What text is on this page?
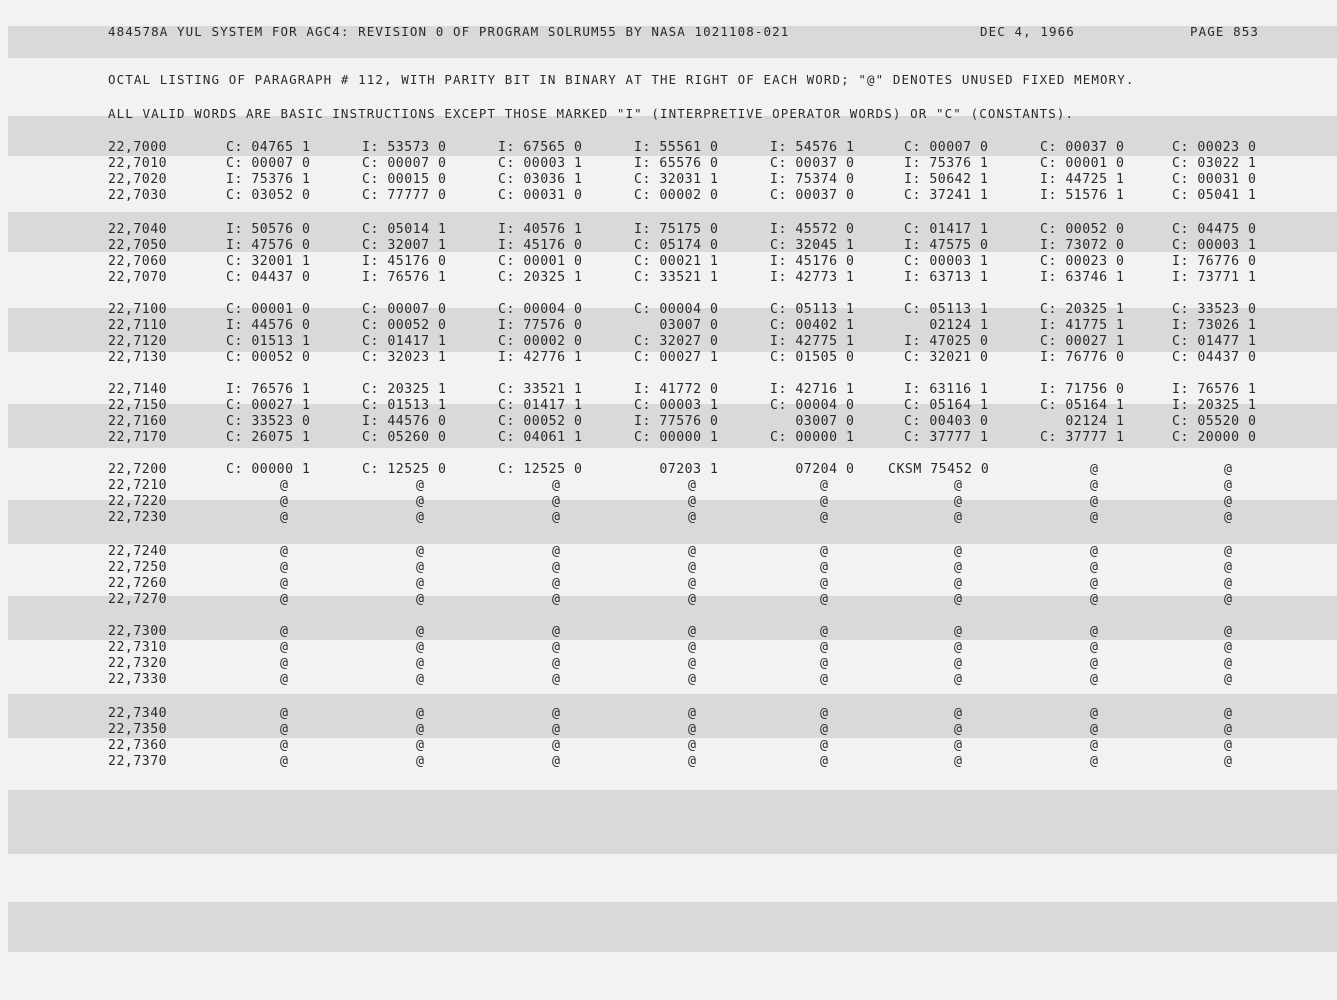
484578A YUL SYSTEM FOR AGC4: REVISION 0 OF PROGRAM SOLRUM55 BY NASA 1021108-021	DEC 4, 1966	PAGE 853
OCTAL LISTING OF PARAGRAPH # 112, WITH PARITY BIT IN BINARY AT THE RIGHT OF EACH WORD; "@" DENOTES UNUSED FIXED MEMORY.
ALL VALID WORDS ARE BASIC INSTRUCTIONS EXCEPT THOSE MARKED "I" (INTERPRETIVE OPERATOR WORDS) OR "C" (CONSTANTS).
22,7000	C: 04765 1	I: 53573 0	I: 67565 0	I: 55561 0	I: 54576 1	C: 00007 0	C: 00037 0	C: 00023 0
22,7010	C: 00007 0	C: 00007 0	C: 00003 1	I: 65576 0	C: 00037 0	I: 75376 1	C: 00001 0	C: 03022 1
22,7020	I: 75376 1	C: 00015 0	C: 03036 1	C: 32031 1	I: 75374 0	I: 50642 1	I: 44725 1	C: 00031 0
22,7030	C: 03052 0	C: 77777 0	C: 00031 0	C: 00002 0	C: 00037 0	C: 37241 1	I: 51576 1	C: 05041 1
22,7040	I: 50576 0	C: 05014 1	I: 40576 1	I: 75175 0	I: 45572 0	C: 01417 1	C: 00052 0	C: 04475 0
22,7050	I: 47576 0	C: 32007 1	I: 45176 0	C: 05174 0	C: 32045 1	I: 47575 0	I: 73072 0	C: 00003 1
22,7060	C: 32001 1	I: 45176 0	C: 00001 0	C: 00021 1	I: 45176 0	C: 00003 1	C: 00023 0	I: 76776 0
22,7070	C: 04437 0	I: 76576 1	C: 20325 1	C: 33521 1	I: 42773 1	I: 63713 1	I: 63746 1	I: 73771 1
22,7100	C: 00001 0	C: 00007 0	C: 00004 0	C: 00004 0	C: 05113 1	C: 05113 1	C: 20325 1	C: 33523 0
22,7110	I: 44576 0	C: 00052 0	I: 77576 0	03007 0	C: 00402 1	02124 1	I: 41775 1	I: 73026 1
22,7120	C: 01513 1	C: 01417 1	C: 00002 0	C: 32027 0	I: 42775 1	I: 47025 0	C: 00027 1	C: 01477 1
22,7130	C: 00052 0	C: 32023 1	I: 42776 1	C: 00027 1	C: 01505 0	C: 32021 0	I: 76776 0	C: 04437 0
22,7140	I: 76576 1	C: 20325 1	C: 33521 1	I: 41772 0	I: 42716 1	I: 63116 1	I: 71756 0	I: 76576 1
22,7150	C: 00027 1	C: 01513 1	C: 01417 1	C: 00003 1	C: 00004 0	C: 05164 1	C: 05164 1	I: 20325 1
22,7160	C: 33523 0	I: 44576 0	C: 00052 0	I: 77576 0	03007 0	C: 00403 0	02124 1	C: 05520 0
22,7170	C: 26075 1	C: 05260 0	C: 04061 1	C: 00000 1	C: 00000 1	C: 37777 1	C: 37777 1	C: 20000 0
22,7200	C: 00000 1	C: 12525 0	C: 12525 0	07203 1	07204 0	CKSM 75452 0	@	@
22,7210	@	@	@	@	@	@	@	@
22,7220	@	@	@	@	@	@	@	@
22,7230	@	@	@	@	@	@	@	@
22,7240	@	@	@	@	@	@	@	@
22,7250	@	@	@	@	@	@	@	@
22,7260	@	@	@	@	@	@	@	@
22,7270	@	@	@	@	@	@	@	@
22,7300	@	@	@	@	@	@	@	@
22,7310	@	@	@	@	@	@	@	@
22,7320	@	@	@	@	@	@	@	@
22,7330	@	@	@	@	@	@	@	@
22,7340	@	@	@	@	@	@	@	@
22,7350	@	@	@	@	@	@	@	@
22,7360	@	@	@	@	@	@	@	@
22,7370	@	@	@	@	@	@	@	@
